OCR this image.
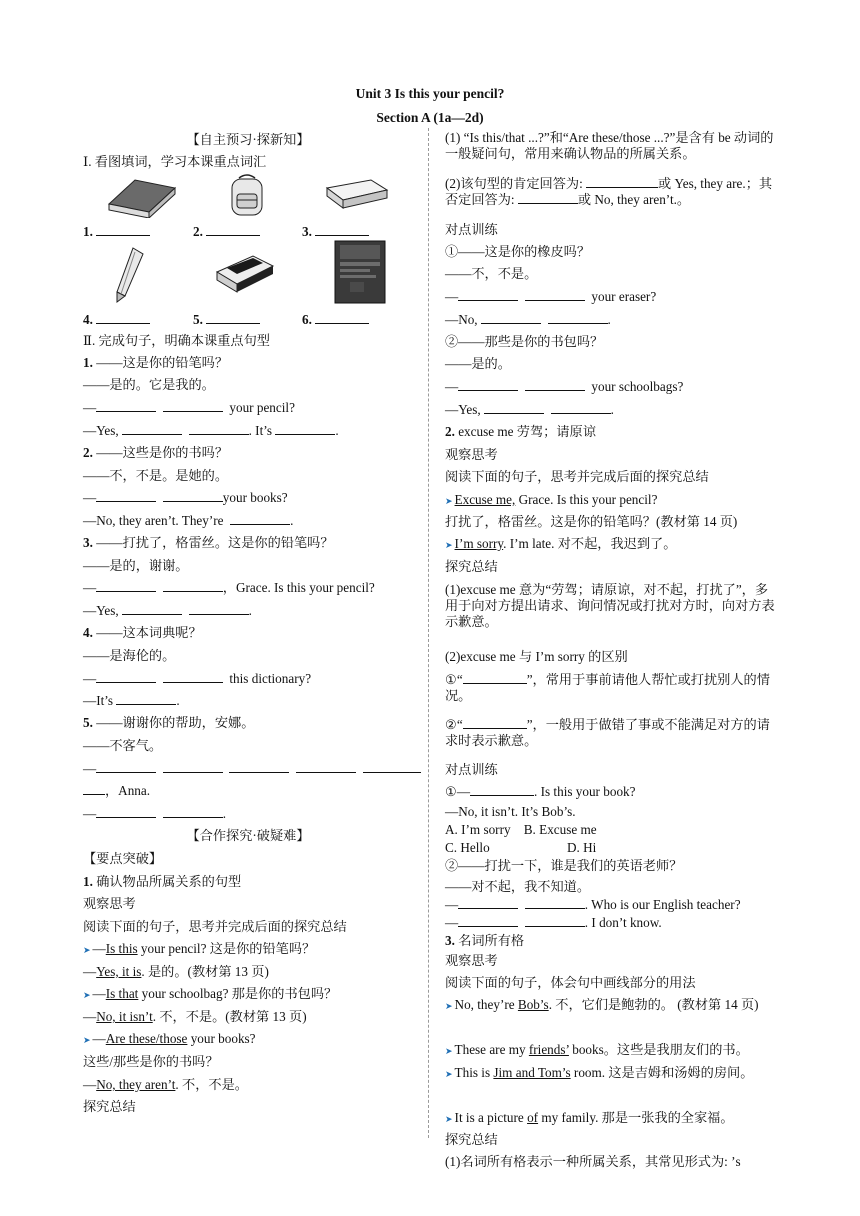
Unit 3 Is this your pencil?
Section A (1a—2d)
【自主预习·探新知】
Ⅰ. 看图填词，学习本课重点词汇
1.	2.	3.
4.	5.	6.
Ⅱ. 完成句子，明确本课重点句型
1. ——这是你的铅笔吗？
——是的。它是我的。
—	your pencil?
—Yes,	. It’s	.
2. ——这些是你的书吗？
——不，不是。是她的。
—	your books?
—No, they aren’t. They’re	.
3. ——打扰了，格雷丝。这是你的铅笔吗？
——是的，谢谢。
—	，Grace. Is this your pencil?
—Yes,	.
4. ——这本词典呢？
——是海伦的。
—	this dictionary?
—It’s	.
5. ——谢谢你的帮助，安娜。
——不客气。
—
，Anna.
—	.
【合作探究·破疑难】
【要点突破】
1. 确认物品所属关系的句型
观察思考
阅读下面的句子，思考并完成后面的探究总结
➤ —Is this your pencil? 这是你的铅笔吗？
—Yes, it is. 是的。(教材第 13 页)
➤ —Is that your schoolbag? 那是你的书包吗？
—No, it isn’t. 不，不是。(教材第 13 页)
➤ —Are these/those your books?
这些/那些是你的书吗？
—No, they aren’t. 不，不是。
探究总结
(1) “Is this/that ...?”和“Are these/those ...?”是含有 be 动词的一般疑问句，常用来确认物品的所属关系。
(2)该句型的肯定回答为:	或 Yes, they are.；其否定回答为:	或 No, they aren’t.。
对点训练
①——这是你的橡皮吗？
——不，不是。
—	your eraser?
—No,	.
②——那些是你的书包吗？
——是的。
—	your schoolbags?
—Yes,	.
2. excuse me 劳驾；请原谅
观察思考
阅读下面的句子，思考并完成后面的探究总结
➤ Excuse me, Grace. Is this your pencil?
打扰了，格雷丝。这是你的铅笔吗？(教材第 14 页)
➤ I’m sorry. I’m late. 对不起，我迟到了。
探究总结
(1)excuse me 意为“劳驾；请原谅，对不起，打扰了”，多用于向对方提出请求、询问情况或打扰对方时，向对方表示歉意。
(2)excuse me 与 I’m sorry 的区别
①“	”，常用于事前请他人帮忙或打扰别人的情况。
②“	”，一般用于做错了事或不能满足对方的请求时表示歉意。
对点训练
①—	. Is this your book?
—No, it isn’t. It’s Bob’s.
A. I’m sorry B. Excuse me
C. Hello	D. Hi
②——打扰一下，谁是我们的英语老师？
——对不起，我不知道。
—	. Who is our English teacher?
—	. I don’t know.
3. 名词所有格
观察思考
阅读下面的句子，体会句中画线部分的用法
➤ No, they’re Bob’s. 不，它们是鲍勃的。 (教材第 14 页)
➤ These are my friends’ books。这些是我朋友们的书。
➤ This is Jim and Tom’s room. 这是吉姆和汤姆的房间。
➤ It is a picture of my family. 那是一张我的全家福。
探究总结
(1)名词所有格表示一种所属关系，其常见形式为: ’s
